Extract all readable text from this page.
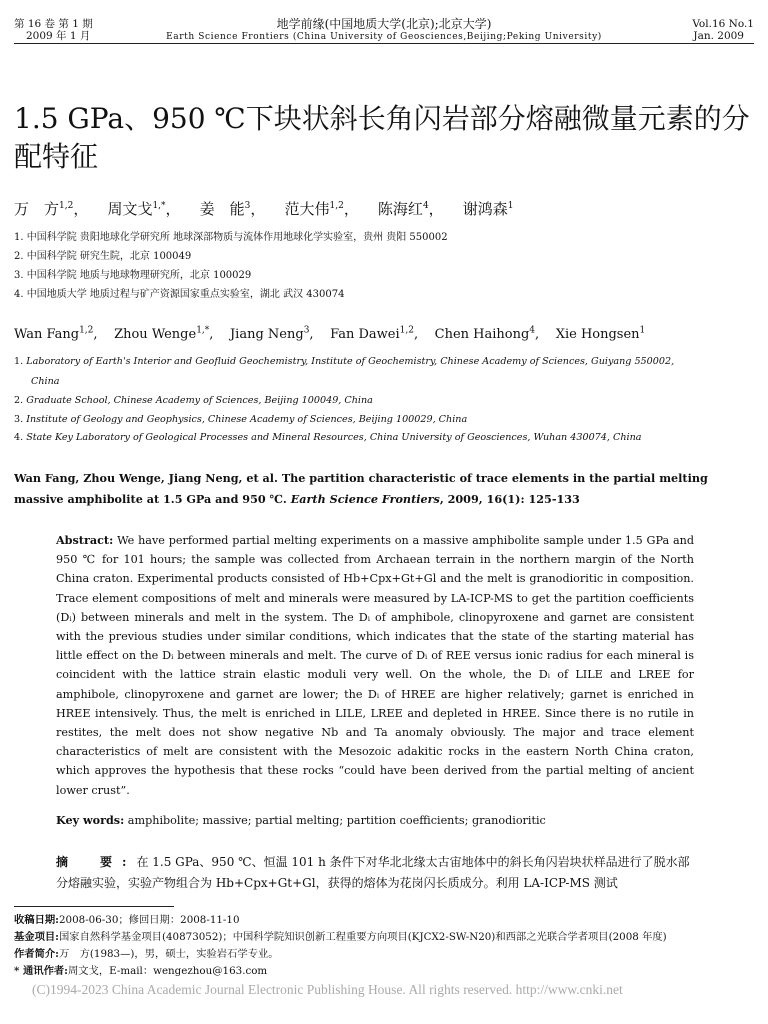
第 16 卷 第 1 期
2009 年 1 月
地学前缘(中国地质大学(北京);北京大学)
Earth Science Frontiers (China University of Geosciences,Beijing;Peking University)
Vol.16 No.1
Jan. 2009
1.5 GPa、950 ℃下块状斜长角闪岩部分熔融微量元素的分配特征
万　方$^{1,2}$， 周文戈$^{1,*}$， 姜　能$^3$， 范大伟$^{1,2}$， 陈海红$^4$， 谢鸿森$^1$
1. 中国科学院 贵阳地球化学研究所 地球深部物质与流体作用地球化学实验室，贵州 贵阳 550002
2. 中国科学院 研究生院，北京 100049
3. 中国科学院 地质与地球物理研究所，北京 100029
4. 中国地质大学 地质过程与矿产资源国家重点实验室，湖北 武汉 430074
Wan Fang$^{1,2}$, Zhou Wenge$^{1,*}$, Jiang Neng$^3$, Fan Dawei$^{1,2}$, Chen Haihong$^4$, Xie Hongsen$^1$
1. Laboratory of Earth's Interior and Geofluid Geochemistry, Institute of Geochemistry, Chinese Academy of Sciences, Guiyang 550002,
China
2. Graduate School, Chinese Academy of Sciences, Beijing 100049, China
3. Institute of Geology and Geophysics, Chinese Academy of Sciences, Beijing 100029, China
4. State Key Laboratory of Geological Processes and Mineral Resources, China University of Geosciences, Wuhan 430074, China
Wan Fang, Zhou Wenge, Jiang Neng, et al. The partition characteristic of trace elements in the partial melting massive amphibolite at 1.5 GPa and 950 ℃. Earth Science Frontiers, 2009, 16(1): 125-133
Abstract: We have performed partial melting experiments on a massive amphibolite sample under 1.5 GPa and 950 ℃ for 101 hours; the sample was collected from Archaean terrain in the northern margin of the North China craton. Experimental products consisted of Hb+Cpx+Gt+Gl and the melt is granodioritic in composition. Trace element compositions of melt and minerals were measured by LA-ICP-MS to get the partition coefficients (Dᵢ) between minerals and melt in the system. The Dᵢ of amphibole, clinopyroxene and garnet are consistent with the previous studies under similar conditions, which indicates that the state of the starting material has little effect on the Dᵢ between minerals and melt. The curve of Dᵢ of REE versus ionic radius for each mineral is coincident with the lattice strain elastic moduli very well. On the whole, the Dᵢ of LILE and LREE for amphibole, clinopyroxene and garnet are lower; the Dᵢ of HREE are higher relatively; garnet is enriched in HREE intensively. Thus, the melt is enriched in LILE, LREE and depleted in HREE. Since there is no rutile in restites, the melt does not show negative Nb and Ta anomaly obviously. The major and trace element characteristics of melt are consistent with the Mesozoic adakitic rocks in the eastern North China craton, which approves the hypothesis that these rocks “could have been derived from the partial melting of ancient lower crust”.
Key words: amphibolite; massive; partial melting; partition coefficients; granodioritic
摘　要:在 1.5 GPa、950 ℃、恒温 101 h 条件下对华北北缘太古宙地体中的斜长角闪岩块状样品进行了脱水部分熔融实验，实验产物组合为 Hb+Cpx+Gt+Gl，获得的熔体为花岗闪长质成分。利用 LA-ICP-MS 测试
收稿日期:2008-06-30；修回日期：2008-11-10
基金项目:国家自然科学基金项目(40873052)；中国科学院知识创新工程重要方向项目(KJCX2-SW-N20)和西部之光联合学者项目(2008 年度)
作者简介:万　方(1983—)，男，硕士，实验岩石学专业。
* 通讯作者:周文戈，E-mail：wengezhou@163.com
(C)1994-2023 China Academic Journal Electronic Publishing House. All rights reserved. http://www.cnki.net
